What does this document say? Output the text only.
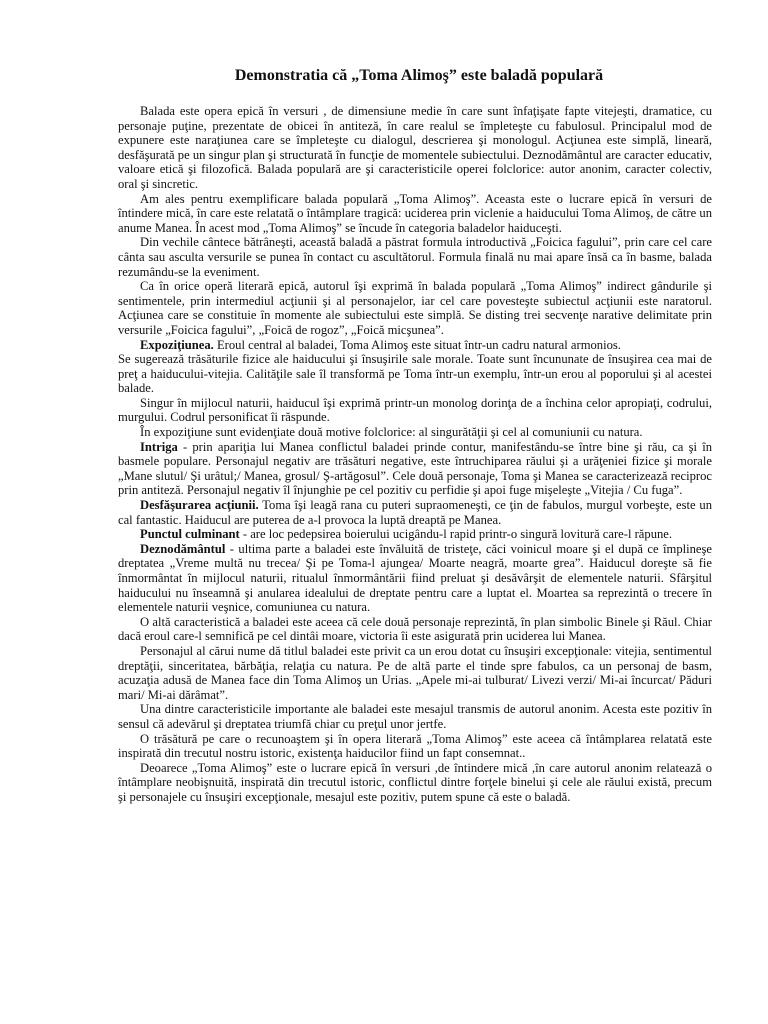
Demonstratia că „Toma Alimoş” este baladă populară

Balada este opera epică în versuri , de dimensiune medie în care sunt înfaţişate fapte vitejeşti, dramatice, cu personaje puţine, prezentate de obicei în antiteză, în care realul se împleteşte cu fabulosul. Principalul mod de expunere este naraţiunea care se împleteşte cu dialogul, descrierea şi monologul. Acţiunea este simplă, lineară, desfăşurată pe un singur plan şi structurată în funcţie de momentele subiectului. Deznodământul are caracter educativ, valoare etică şi filozofică. Balada populară are şi caracteristicile operei folclorice: autor anonim, caracter colectiv, oral şi sincretic.

Am ales pentru exemplificare balada populară „Toma Alimoş”. Aceasta este o lucrare epică în versuri de întindere mică, în care este relatată o întâmplare tragică: uciderea prin viclenie a haiducului Toma Alimoş, de către un anume Manea. În acest mod „Toma Alimoş” se încude în categoria baladelor haiduceşti.

Din vechile cântece bătrâneşti, această baladă a păstrat formula introductivă „Foicica fagului”, prin care cel care cânta sau asculta versurile se punea în contact cu ascultătorul. Formula finală nu mai apare însă ca în basme, balada rezumându-se la eveniment.

Ca în orice operă literară epică, autorul îşi exprimă în balada populară „Toma Alimoş” indirect gândurile şi sentimentele, prin intermediul acţiunii şi al personajelor, iar cel care povesteşte subiectul acţiunii este naratorul. Acţiunea care se constituie în momente ale subiectului este simplă. Se disting trei secvenţe narative delimitate prin versurile „Foicica fagului”, „Foică de rogoz”, „Foică micşunea”.

Expoziţiunea. Eroul central al baladei, Toma Alimoş este situat într-un cadru natural armonios.

Se sugerează trăsăturile fizice ale haiducului şi însuşirile sale morale. Toate sunt încununate de însuşirea cea mai de preţ a haiducului-vitejia. Calităţile sale îl transformă pe Toma într-un exemplu, într-un erou al poporului şi al acestei balade.

Singur în mijlocul naturii, haiducul îşi exprimă printr-un monolog dorinţa de a închina celor apropiaţi, codrului, murgului. Codrul personificat îi răspunde.

În expoziţiune sunt evidenţiate două motive folclorice: al singurătăţii şi cel al comuniunii cu natura.

Intriga - prin apariţia lui Manea conflictul baladei prinde contur, manifestându-se între bine şi rău, ca şi în basmele populare. Personajul negativ are trăsături negative, este întruchiparea răului şi a urăţeniei fizice şi morale „Mane slutul/ Şi urâtul;/ Manea, grosul/ Ş-artăgosul”. Cele două personaje, Toma şi Manea se caracterizează reciproc prin antiteză. Personajul negativ îl înjunghie pe cel pozitiv cu perfidie şi apoi fuge mişeleşte „Vitejia / Cu fuga”.

Desfăşurarea acţiunii. Toma îşi leagă rana cu puteri supraomeneşti, ce ţin de fabulos, murgul vorbeşte, este un cal fantastic. Haiducul are puterea de a-l provoca la luptă dreaptă pe Manea.

Punctul culminant - are loc pedepsirea boierului ucigându-l rapid printr-o singură lovitură care-l răpune.

Deznodământul - ultima parte a baladei este învăluită de tristeţe, căci voinicul moare şi el după ce împlineşe dreptatea „Vreme multă nu trecea/ Şi pe Toma-l ajungea/ Moarte neagră, moarte grea”. Haiducul doreşte să fie înmormântat în mijlocul naturii, ritualul înmormântării fiind preluat şi desăvârşit de elementele naturii. Sfârşitul haiducului nu înseamnă şi anularea idealului de dreptate pentru care a luptat el. Moartea sa reprezintă o trecere în elementele naturii veşnice, comuniunea cu natura.

O altă caracteristică a baladei este aceea că cele două personaje reprezintă, în plan simbolic Binele şi Răul. Chiar dacă eroul care-l semnifică pe cel dintâi moare, victoria îi este asigurată prin uciderea lui Manea.

Personajul al cărui nume dă titlul baladei este privit ca un erou dotat cu însuşiri excepţionale: vitejia, sentimentul dreptăţii, sinceritatea, bărbăţia, relaţia cu natura. Pe de altă parte el tinde spre fabulos, ca un personaj de basm, acuzaţia adusă de Manea face din Toma Alimoş un Urias. „Apele mi-ai tulburat/ Livezi verzi/ Mi-ai încurcat/ Păduri mari/ Mi-ai dărâmat”.

Una dintre caracteristicile importante ale baladei este mesajul transmis de autorul anonim. Acesta este pozitiv în sensul că adevărul şi dreptatea triumfă chiar cu preţul unor jertfe.

O trăsătură pe care o recunoaştem şi în opera literară „Toma Alimoş” este aceea că întâmplarea relatată este inspirată din trecutul nostru istoric, existenţa haiducilor fiind un fapt consemnat..

Deoarece „Toma Alimoş” este o lucrare epică în versuri ,de întindere mică ,în care autorul anonim relatează o întâmplare neobişnuită, inspirată din trecutul istoric, conflictul dintre forţele binelui şi cele ale răului există, precum şi personajele cu însuşiri excepţionale, mesajul este pozitiv, putem spune că este o baladă.
